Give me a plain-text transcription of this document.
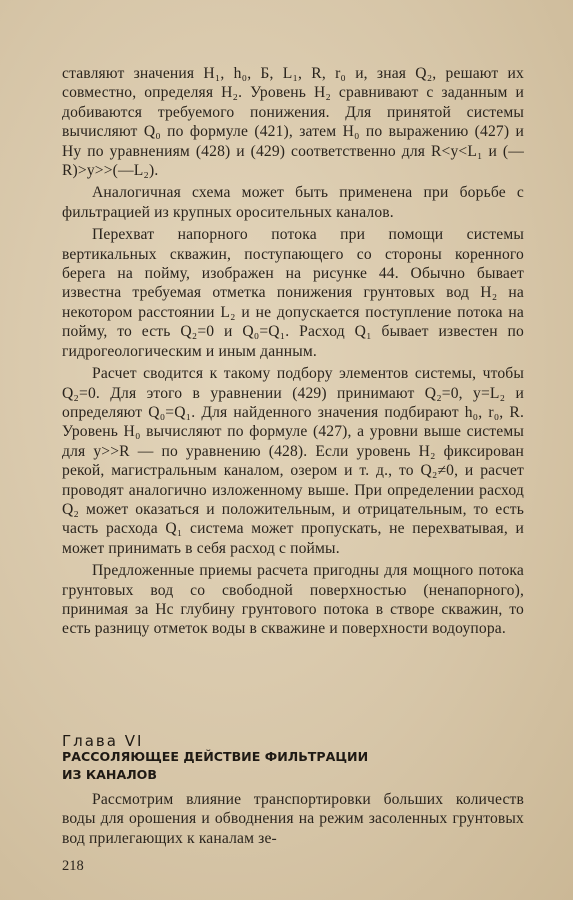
ставляют значения H₁, h₀, Б, L₁, R, r₀ и, зная Q₂, решают их совместно, определяя H₂. Уровень H₂ сравнивают с заданным и добиваются требуемого понижения. Для принятой системы вычисляют Q₀ по формуле (421), затем H₀ по выражению (427) и Hy по уравнениям (428) и (429) соответственно для R<y<L₁ и (—R)>y>>(—L₂).

Аналогичная схема может быть применена при борьбе с фильтрацией из крупных оросительных каналов.

Перехват напорного потока при помощи системы вертикальных скважин, поступающего со стороны коренного берега на пойму, изображен на рисунке 44. Обычно бывает известна требуемая отметка понижения грунтовых вод H₂ на некотором расстоянии L₂ и не допускается поступление потока на пойму, то есть Q₂=0 и Q₀=Q₁. Расход Q₁ бывает известен по гидрогеологическим и иным данным.

Расчет сводится к такому подбору элементов системы, чтобы Q₂=0. Для этого в уравнении (429) принимают Q₂=0, y=L₂ и определяют Q₀=Q₁. Для найденного значения подбирают h₀, r₀, R. Уровень H₀ вычисляют по формуле (427), а уровни выше системы для y>>R — по уравнению (428). Если уровень H₂ фиксирован рекой, магистральным каналом, озером и т. д., то Q₂≠0, и расчет проводят аналогично изложенному выше. При определении расход Q₂ может оказаться и положительным, и отрицательным, то есть часть расхода Q₁ система может пропускать, не перехватывая, и может принимать в себя расход с поймы.

Предложенные приемы расчета пригодны для мощного потока грунтовых вод со свободной поверхностью (ненапорного), принимая за Hc глубину грунтового потока в створе скважин, то есть разницу отметок воды в скважине и поверхности водоупора.

Глава VI
РАССОЛЯЮЩЕЕ ДЕЙСТВИЕ ФИЛЬТРАЦИИ
ИЗ КАНАЛОВ

Рассмотрим влияние транспортировки больших количеств воды для орошения и обводнения на режим засоленных грунтовых вод прилегающих к каналам зе-

218
